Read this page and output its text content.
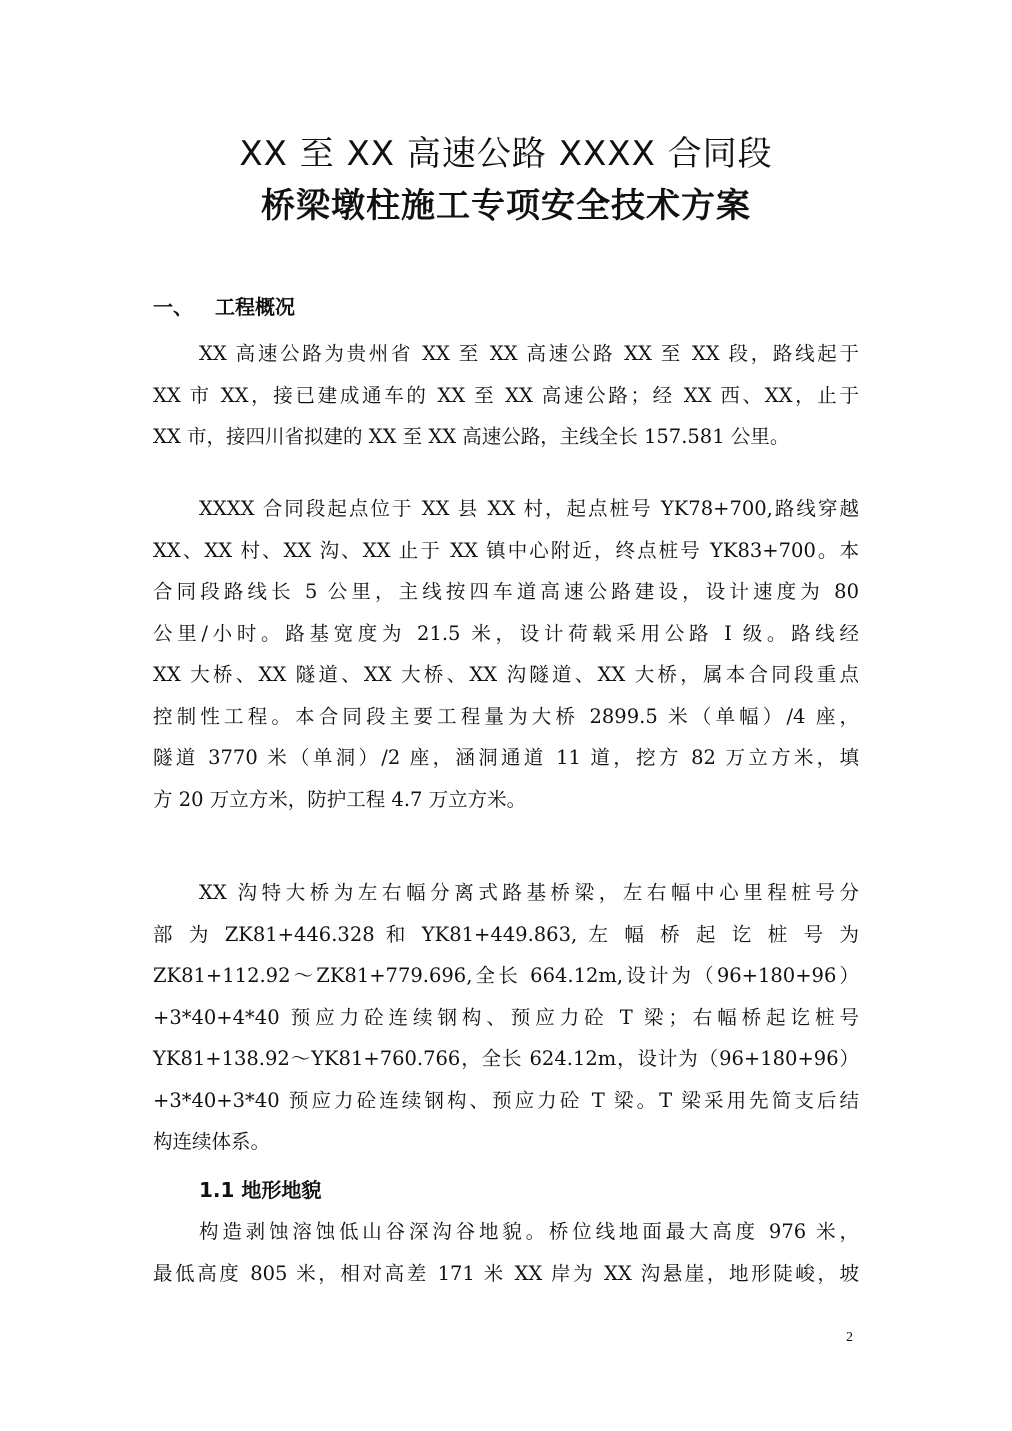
XX 至 XX 高速公路 XXXX 合同段
桥梁墩柱施工专项安全技术方案
一、 工程概况
XX 高速公路为贵州省 XX 至 XX 高速公路 XX 至 XX 段，路线起于
XX 市 XX，接已建成通车的 XX 至 XX 高速公路；经 XX 西、XX，止于
XX 市，接四川省拟建的 XX 至 XX 高速公路，主线全长 157.581 公里。
XXXX 合同段起点位于 XX 县 XX 村，起点桩号 YK78+700,路线穿越
XX、XX 村、XX 沟、XX 止于 XX 镇中心附近，终点桩号 YK83+700。本
合同段路线长 5 公里，主线按四车道高速公路建设，设计速度为 80
公里/小时。路基宽度为 21.5 米，设计荷载采用公路 I 级。路线经
XX 大桥、XX 隧道、XX 大桥、XX 沟隧道、XX 大桥，属本合同段重点
控制性工程。本合同段主要工程量为大桥 2899.5 米（单幅）/4 座，
隧道 3770 米（单洞）/2 座，涵洞通道 11 道，挖方 82 万立方米，填
方 20 万立方米，防护工程 4.7 万立方米。
XX 沟特大桥为左右幅分离式路基桥梁，左右幅中心里程桩号分
部 为 ZK81+446.328 和 YK81+449.863, 左 幅 桥 起 讫 桩 号 为
ZK81+112.92～ZK81+779.696,全长 664.12m,设计为（96+180+96）
+3*40+4*40 预应力砼连续钢构、预应力砼 T 梁；右幅桥起讫桩号
YK81+138.92～YK81+760.766，全长 624.12m，设计为（96+180+96）
+3*40+3*40 预应力砼连续钢构、预应力砼 T 梁。T 梁采用先简支后结
构连续体系。
1.1 地形地貌
构造剥蚀溶蚀低山谷深沟谷地貌。桥位线地面最大高度 976 米，
最低高度 805 米，相对高差 171 米 XX 岸为 XX 沟悬崖，地形陡峻，坡
2
